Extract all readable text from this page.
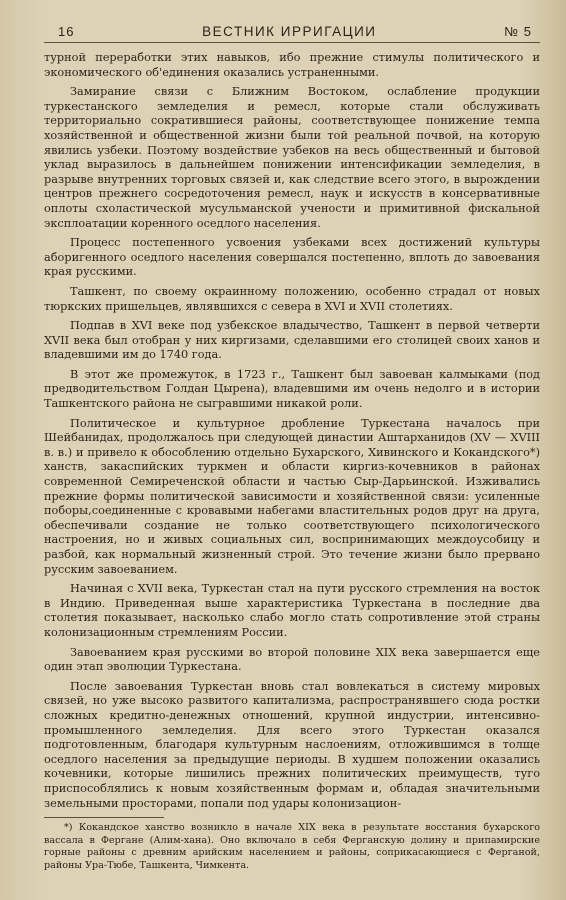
16	ВЕСТНИК ИРРИГАЦИИ	№ 5

турной переработки этих навыков, ибо прежние стимулы политического и экономического об'единения оказались устраненными.

Замирание связи с Ближним Востоком, ослабление продукции туркестанского земледелия и ремесл, которые стали обслуживать территориально сократившиеся районы, соответствующее понижение темпа хозяйственной и общественной жизни были той реальной почвой, на которую явились узбеки. Поэтому воздействие узбеков на весь общественный и бытовой уклад выразилось в дальнейшем понижении интенсификации земледелия, в разрыве внутренних торговых связей и, как следствие всего этого, в вырождении центров прежнего сосредоточения ремесл, наук и искусств в консервативные оплоты схоластической мусульманской учености и примитивной фискальной эксплоатации коренного оседлого населения.

Процесс постепенного усвоения узбеками всех достижений культуры аборигенного оседлого населения совершался постепенно, вплоть до завоевания края русскими.

Ташкент, по своему окраинному положению, особенно страдал от новых тюркских пришельцев, являвшихся с севера в XVI и XVII столетиях.

Подпав в XVI веке под узбекское владычество, Ташкент в первой четверти XVII века был отобран у них киргизами, сделавшими его столицей своих ханов и владевшими им до 1740 года.

В этот же промежуток, в 1723 г., Ташкент был завоеван калмыками (под предводительством Голдан Цырена), владевшими им очень недолго и в истории Ташкентского района не сыгравшими никакой роли.

Политическое и культурное дробление Туркестана началось при Шейбанидах, продолжалось при следующей династии Аштарханидов (XV — XVIII в. в.) и привело к обособлению отдельно Бухарского, Хивинского и Кокандского*) ханств, закаспийских туркмен и области киргиз-кочевников в районах современной Семиреченской области и частью Сыр-Дарьинской. Изживались прежние формы политической зависимости и хозяйственной связи: усиленные поборы,соединенные с кровавыми набегами властительных родов друг на друга, обеспечивали создание не только соответствующего психологического настроения, но и живых социальных сил, воспринимающих междоусобицу и разбой, как нормальный жизненный строй. Это течение жизни было прервано русским завоеванием.

Начиная с XVII века, Туркестан стал на пути русского стремления на восток в Индию. Приведенная выше характеристика Туркестана в последние два столетия показывает, насколько слабо могло стать сопротивление этой страны колонизационным стремлениям России.

Завоеванием края русскими во второй половине XIX века завершается еще один этап эволюции Туркестана.

После завоевания Туркестан вновь стал вовлекаться в систему мировых связей, но уже высоко развитого капитализма, распространявшего сюда ростки сложных кредитно-денежных отношений, крупной индустрии, интенсивно-промышленного земледелия. Для всего этого Туркестан оказался подготовленным, благодаря культурным наслоениям, отложившимся в толще оседлого населения за предыдущие периоды. В худшем положении оказались кочевники, которые лишились прежних политических преимуществ, туго приспособлялись к новым хозяйственным формам и, обладая значительными земельными просторами, попали под удары колонизацион-

*) Кокандское ханство возникло в начале XIX века в результате восстания бухарского вассала в Фергане (Алим-хана). Оно включало в себя Ферганскую долину и припамирские горные районы с древним арийским населением и районы, соприкасающиеся с Ферганой, районы Ура-Тюбе, Ташкента, Чимкента.
